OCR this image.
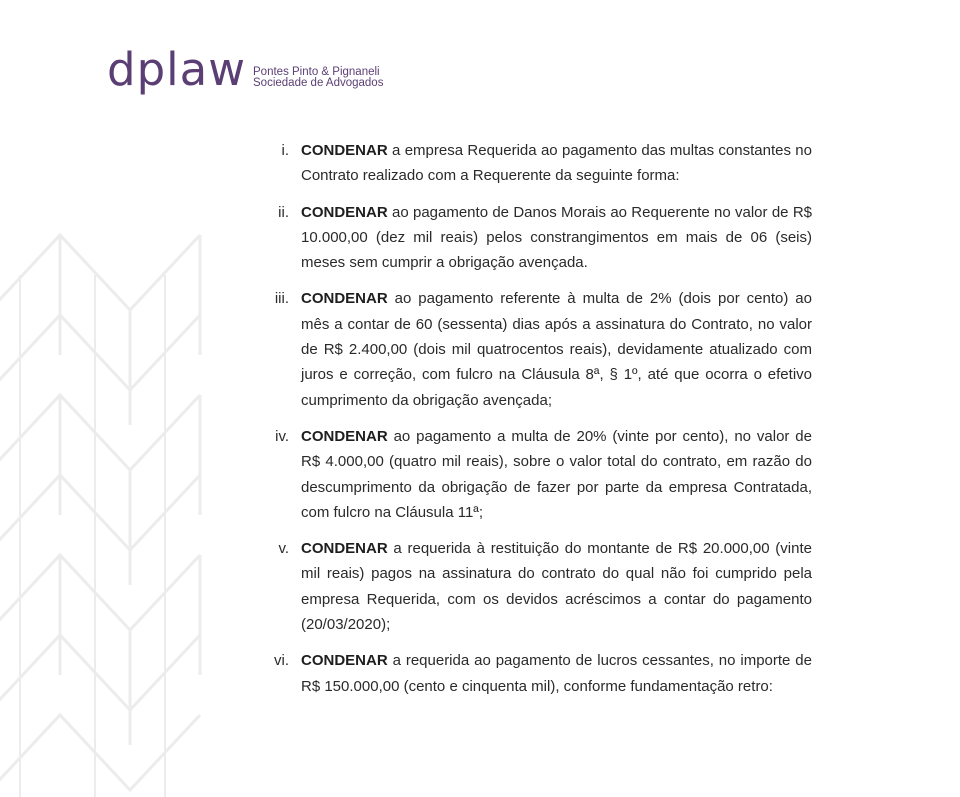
dplaw Pontes Pinto & Pignaneli
Sociedade de Advogados
i. CONDENAR a empresa Requerida ao pagamento das multas constantes no Contrato realizado com a Requerente da seguinte forma:
ii. CONDENAR ao pagamento de Danos Morais ao Requerente no valor de R$ 10.000,00 (dez mil reais) pelos constrangimentos em mais de 06 (seis) meses sem cumprir a obrigação avençada.
iii. CONDENAR ao pagamento referente à multa de 2% (dois por cento) ao mês a contar de 60 (sessenta) dias após a assinatura do Contrato, no valor de R$ 2.400,00 (dois mil quatrocentos reais), devidamente atualizado com juros e correção, com fulcro na Cláusula 8ª, § 1º, até que ocorra o efetivo cumprimento da obrigação avençada;
iv. CONDENAR ao pagamento a multa de 20% (vinte por cento), no valor de R$ 4.000,00 (quatro mil reais), sobre o valor total do contrato, em razão do descumprimento da obrigação de fazer por parte da empresa Contratada, com fulcro na Cláusula 11ª;
v. CONDENAR a requerida à restituição do montante de R$ 20.000,00 (vinte mil reais) pagos na assinatura do contrato do qual não foi cumprido pela empresa Requerida, com os devidos acréscimos a contar do pagamento (20/03/2020);
vi. CONDENAR a requerida ao pagamento de lucros cessantes, no importe de R$ 150.000,00 (cento e cinquenta mil), conforme fundamentação retro:
